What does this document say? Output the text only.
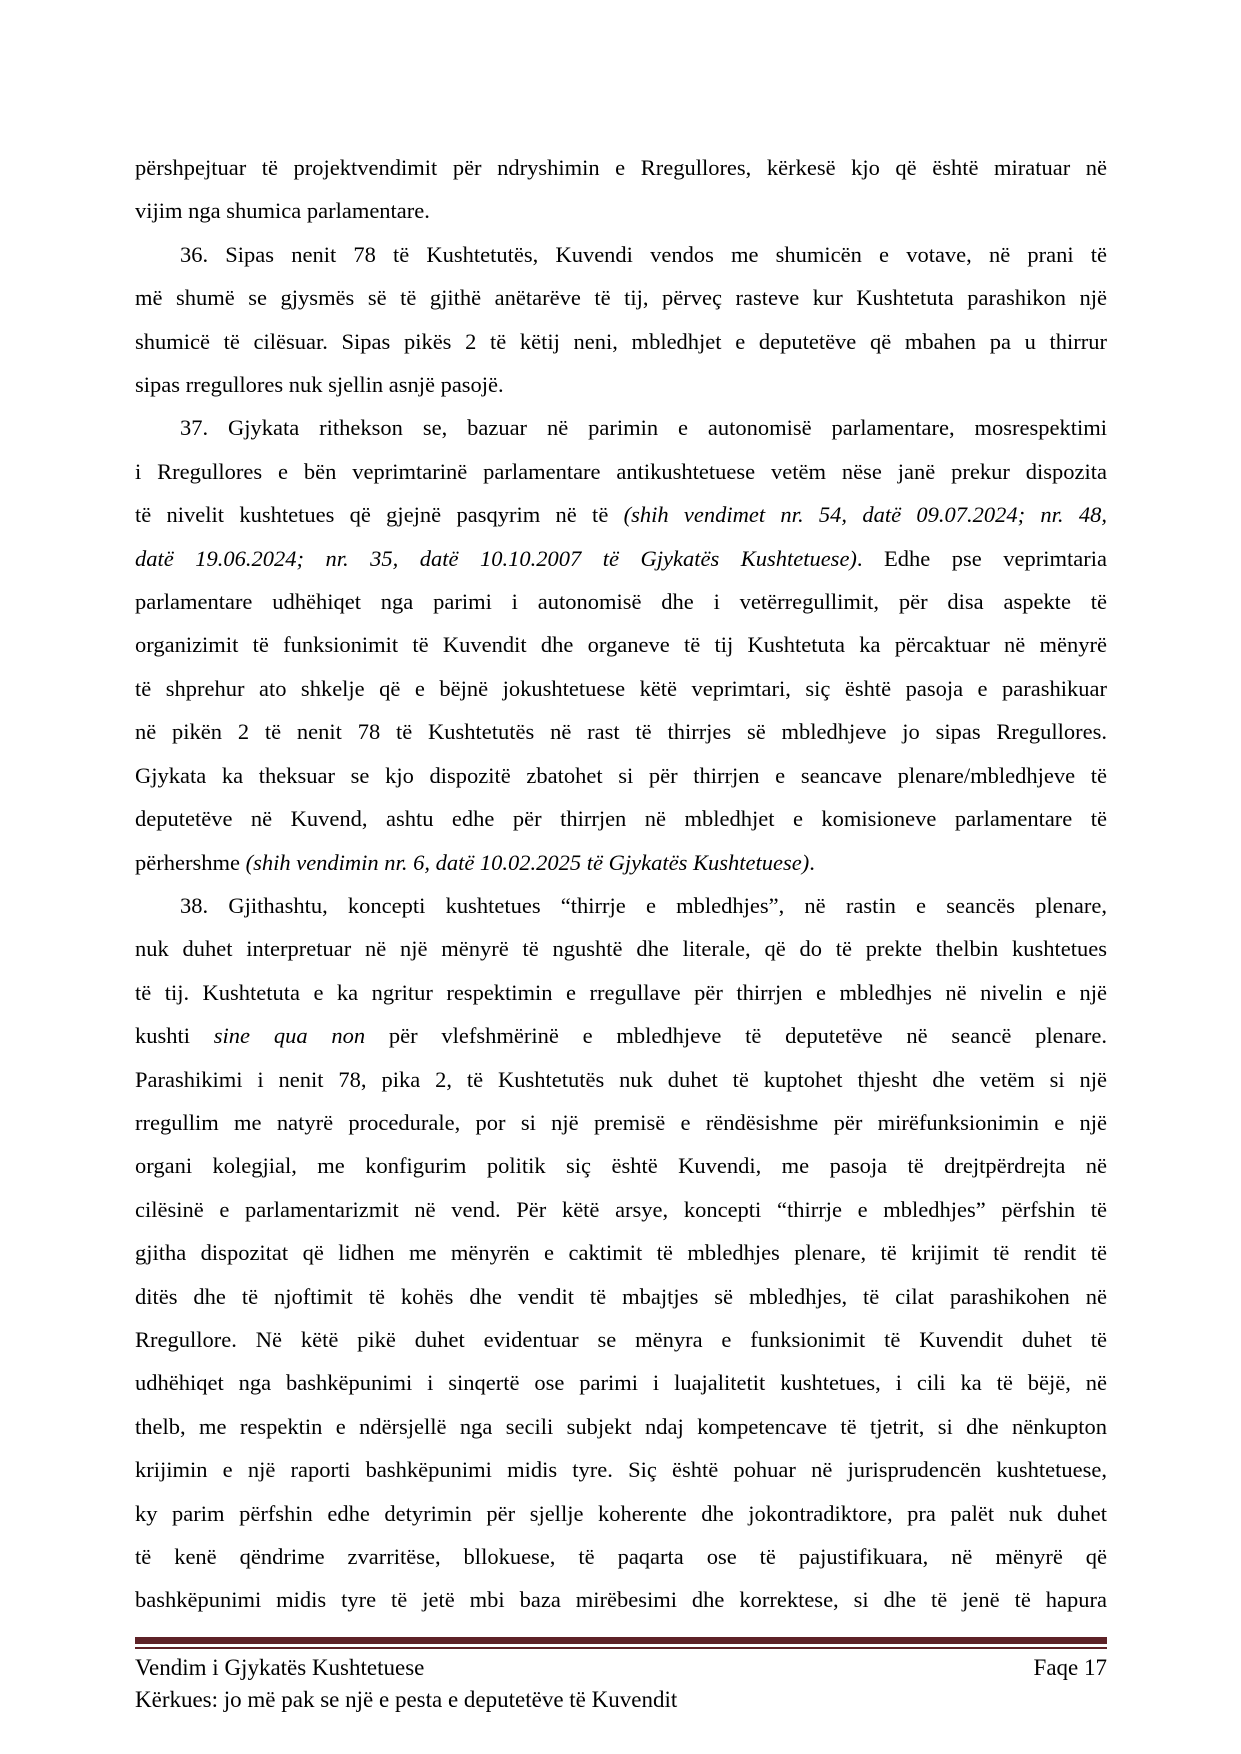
përshpejtuar të projektvendimit për ndryshimin e Rregullores, kërkesë kjo që është miratuar në
vijim nga shumica parlamentare.
36. Sipas nenit 78 të Kushtetutës, Kuvendi vendos me shumicën e votave, në prani të
më shumë se gjysmës së të gjithë anëtarëve të tij, përveç rasteve kur Kushtetuta parashikon një
shumicë të cilësuar. Sipas pikës 2 të këtij neni, mbledhjet e deputetëve që mbahen pa u thirrur
sipas rregullores nuk sjellin asnjë pasojë.
37. Gjykata rithekson se, bazuar në parimin e autonomisë parlamentare, mosrespektimi
i Rregullores e bën veprimtarinë parlamentare antikushtetuese vetëm nëse janë prekur dispozita
të nivelit kushtetues që gjejnë pasqyrim në të (shih vendimet nr. 54, datë 09.07.2024; nr. 48,
datë 19.06.2024; nr. 35, datë 10.10.2007 të Gjykatës Kushtetuese). Edhe pse veprimtaria
parlamentare udhëhiqet nga parimi i autonomisë dhe i vetërregullimit, për disa aspekte të
organizimit të funksionimit të Kuvendit dhe organeve të tij Kushtetuta ka përcaktuar në mënyrë
të shprehur ato shkelje që e bëjnë jokushtetuese këtë veprimtari, siç është pasoja e parashikuar
në pikën 2 të nenit 78 të Kushtetutës në rast të thirrjes së mbledhjeve jo sipas Rregullores.
Gjykata ka theksuar se kjo dispozitë zbatohet si për thirrjen e seancave plenare/mbledhjeve të
deputetëve në Kuvend, ashtu edhe për thirrjen në mbledhjet e komisioneve parlamentare të
përhershme (shih vendimin nr. 6, datë 10.02.2025 të Gjykatës Kushtetuese).
38. Gjithashtu, koncepti kushtetues “thirrje e mbledhjes”, në rastin e seancës plenare,
nuk duhet interpretuar në një mënyrë të ngushtë dhe literale, që do të prekte thelbin kushtetues
të tij. Kushtetuta e ka ngritur respektimin e rregullave për thirrjen e mbledhjes në nivelin e një
kushti sine qua non për vlefshmërinë e mbledhjeve të deputetëve në seancë plenare.
Parashikimi i nenit 78, pika 2, të Kushtetutës nuk duhet të kuptohet thjesht dhe vetëm si një
rregullim me natyrë procedurale, por si një premisë e rëndësishme për mirëfunksionimin e një
organi kolegjial, me konfigurim politik siç është Kuvendi, me pasoja të drejtpërdrejta në
cilësinë e parlamentarizmit në vend. Për këtë arsye, koncepti “thirrje e mbledhjes” përfshin të
gjitha dispozitat që lidhen me mënyrën e caktimit të mbledhjes plenare, të krijimit të rendit të
ditës dhe të njoftimit të kohës dhe vendit të mbajtjes së mbledhjes, të cilat parashikohen në
Rregullore. Në këtë pikë duhet evidentuar se mënyra e funksionimit të Kuvendit duhet të
udhëhiqet nga bashkëpunimi i sinqertë ose parimi i luajalitetit kushtetues, i cili ka të bëjë, në
thelb, me respektin e ndërsjellë nga secili subjekt ndaj kompetencave të tjetrit, si dhe nënkupton
krijimin e një raporti bashkëpunimi midis tyre. Siç është pohuar në jurisprudencën kushtetuese,
ky parim përfshin edhe detyrimin për sjellje koherente dhe jokontradiktore, pra palët nuk duhet
të kenë qëndrime zvarritëse, bllokuese, të paqarta ose të pajustifikuara, në mënyrë që
bashkëpunimi midis tyre të jetë mbi baza mirëbesimi dhe korrektese, si dhe të jenë të hapura
Vendim i Gjykatës Kushtetuese	Faqe 17
Kërkues: jo më pak se një e pesta e deputetëve të Kuvendit
